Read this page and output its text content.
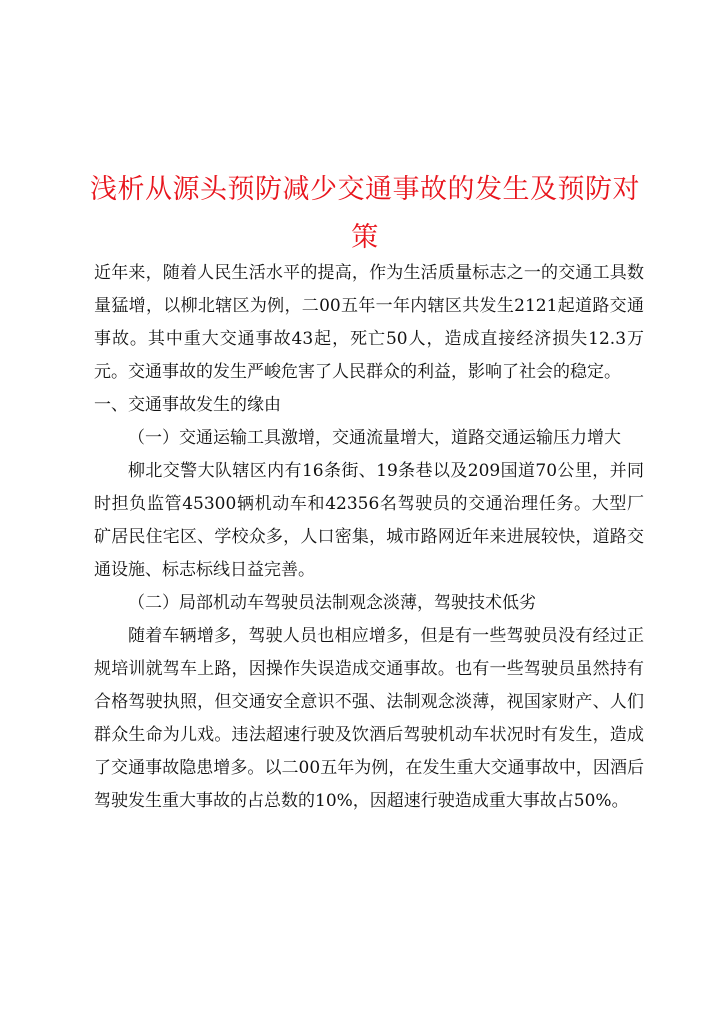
浅析从源头预防减少交通事故的发生及预防对策

近年来，随着人民生活水平的提高，作为生活质量标志之一的交通工具数量猛增，以柳北辖区为例，二00五年一年内辖区共发生2121起道路交通事故。其中重大交通事故43起，死亡50人，造成直接经济损失12.3万元。交通事故的发生严峻危害了人民群众的利益，影响了社会的稳定。

一、交通事故发生的缘由

（一）交通运输工具激增，交通流量增大，道路交通运输压力增大

柳北交警大队辖区内有16条街、19条巷以及209国道70公里，并同时担负监管45300辆机动车和42356名驾驶员的交通治理任务。大型厂矿居民住宅区、学校众多，人口密集，城市路网近年来进展较快，道路交通设施、标志标线日益完善。

（二）局部机动车驾驶员法制观念淡薄，驾驶技术低劣

随着车辆增多，驾驶人员也相应增多，但是有一些驾驶员没有经过正规培训就驾车上路，因操作失误造成交通事故。也有一些驾驶员虽然持有合格驾驶执照，但交通安全意识不强、法制观念淡薄，视国家财产、人们群众生命为儿戏。违法超速行驶及饮酒后驾驶机动车状况时有发生，造成了交通事故隐患增多。以二00五年为例，在发生重大交通事故中，因酒后驾驶发生重大事故的占总数的10%，因超速行驶造成重大事故占50%。
